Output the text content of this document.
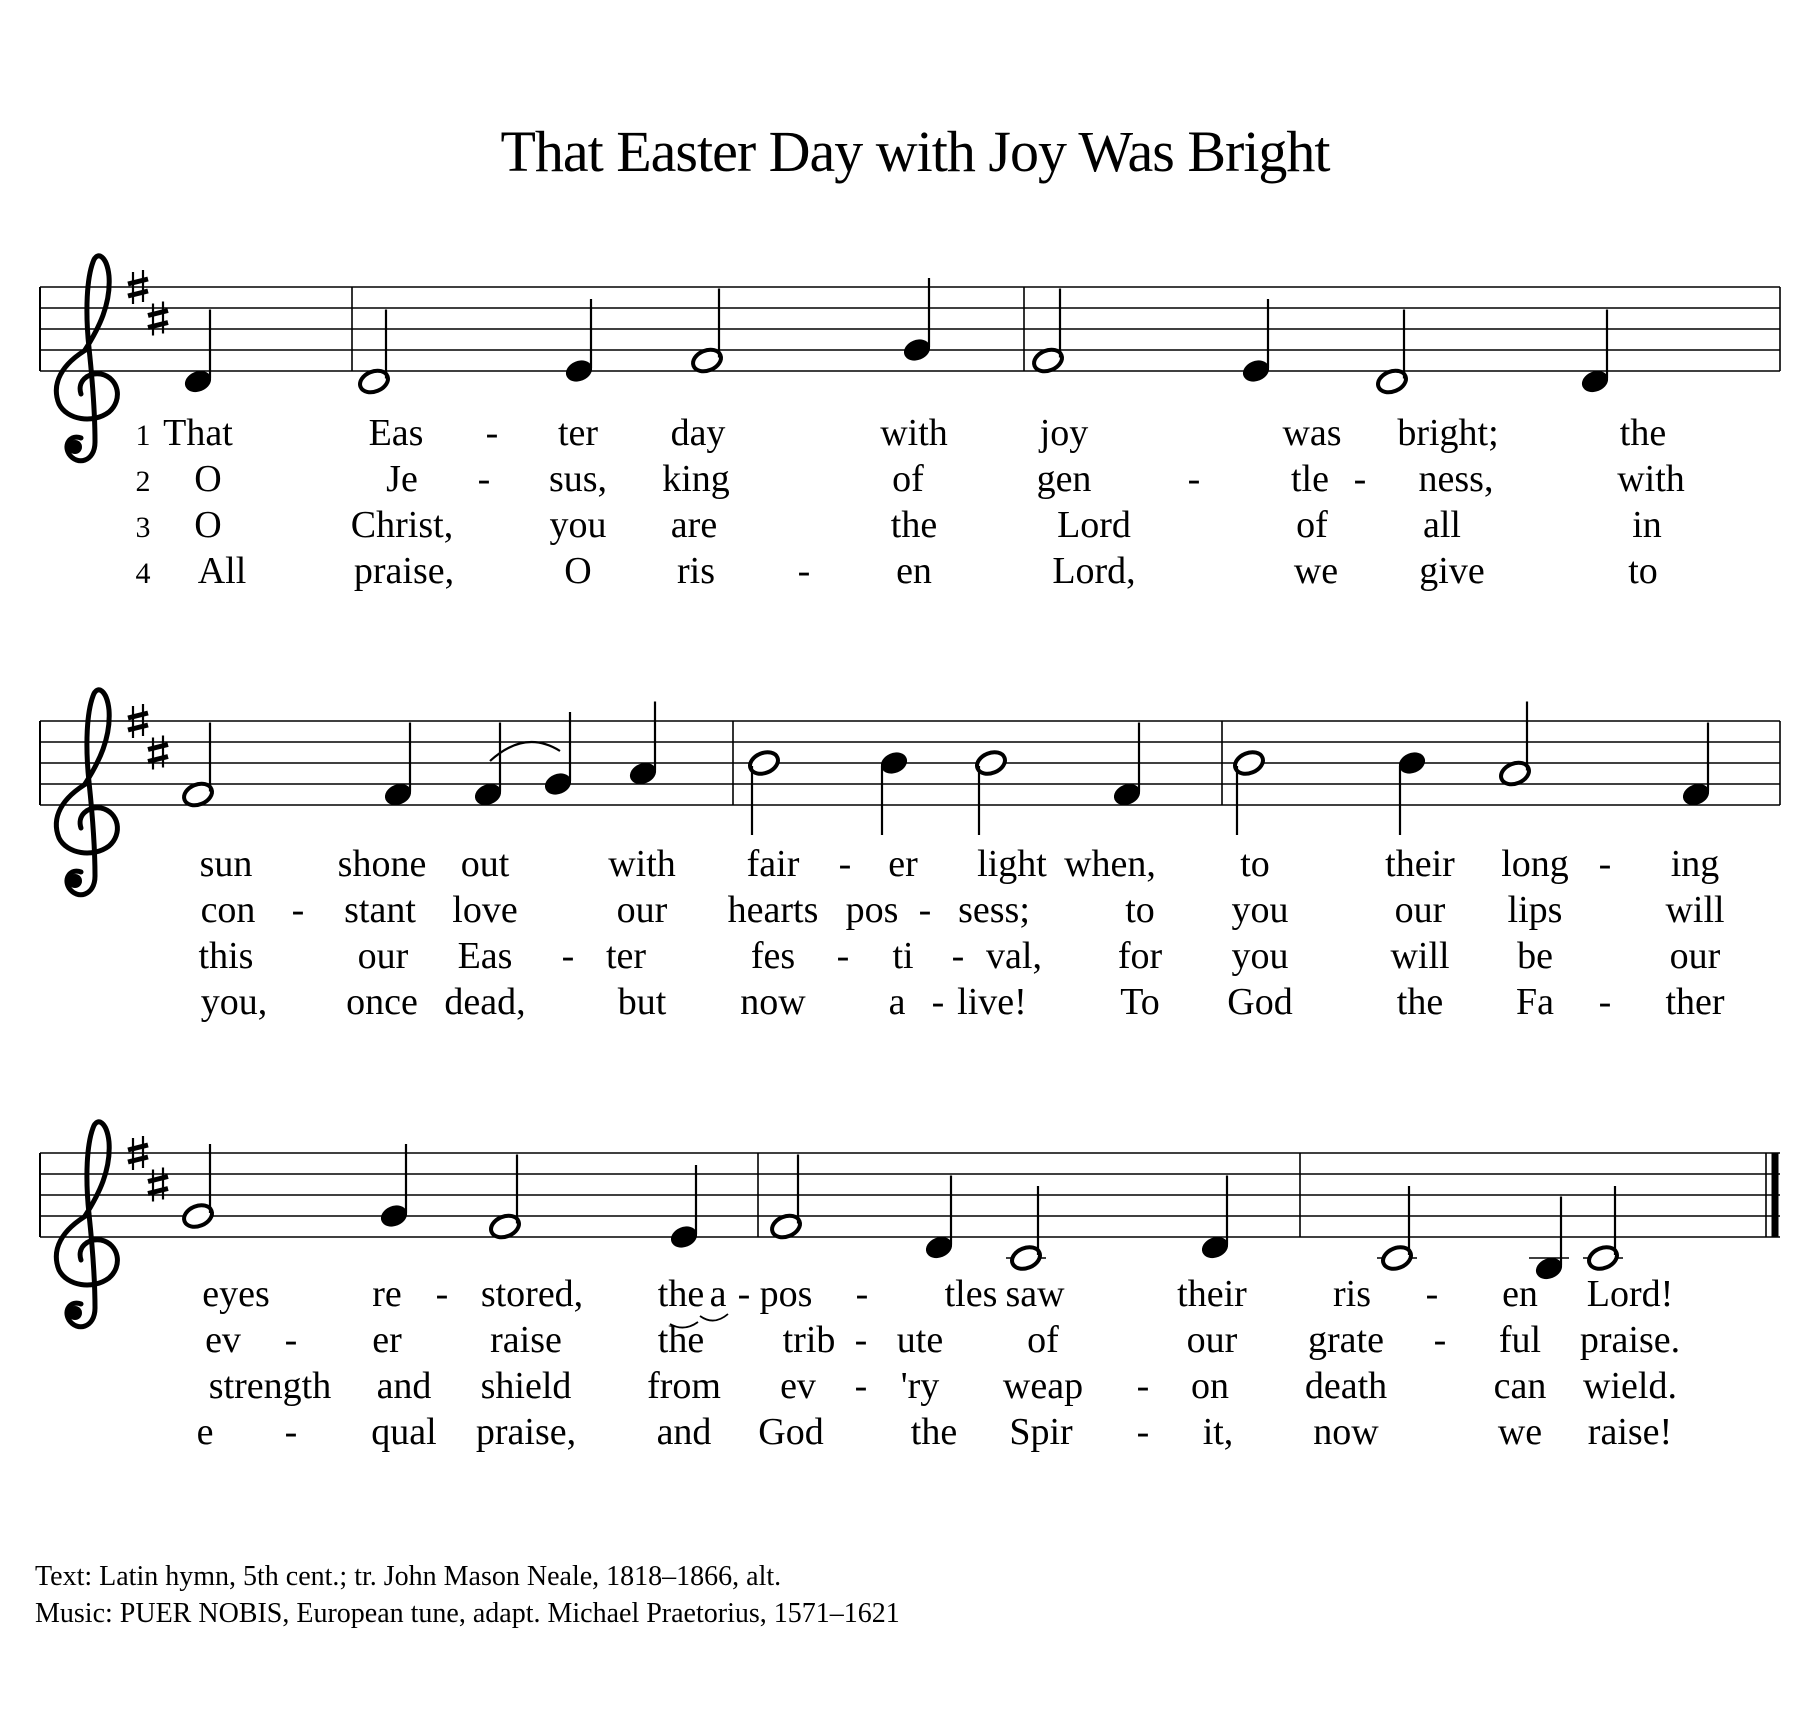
That Easter Day with Joy Was Bright
1 That	Eas - ter day	with joy	was bright;	the
2 O	Je - sus, king	of	gen	- tle - ness,	with
3 O	Christ,	you are	the	Lord	of	all	in
4 All	praise,	O ris - en	Lord,	we give	to
sun shone out	with fair - er light when, to	their long - ing
con - stant love	our hearts pos - sess;	to you	our lips	will
this	our Eas - ter	fes - ti - val, for you	will be	our
you, once dead, but now a - live! To God	the Fa - ther
eyes	re - stored, the a - pos - tles saw	their ris - en Lord!
ev - er raise	the trib - ute of	our grate - ful praise.
strength and shield from ev - 'ry weap - on death	can wield.
e - qual praise, and God the Spir - it, now	we raise!
Text: Latin hymn, 5th cent.; tr. John Mason Neale, 1818–1866, alt.
Music: PUER NOBIS, European tune, adapt. Michael Praetorius, 1571–1621
